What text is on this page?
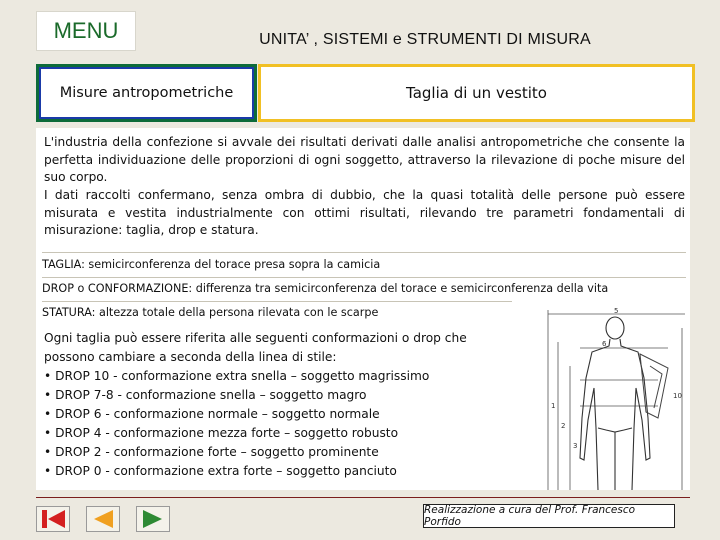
MENU	UNITA’ , SISTEMI e STRUMENTI DI MISURA
Misure antropometriche	Taglia di un vestito

L'industria della confezione si avvale dei risultati derivati dalle analisi antropometriche che consente la perfetta individuazione delle proporzioni di ogni soggetto, attraverso la rilevazione di poche misure del suo corpo.

I dati raccolti confermano, senza ombra di dubbio, che la quasi totalità delle persone può essere misurata e vestita industrialmente con ottimi risultati, rilevando tre parametri fondamentali di misurazione: taglia, drop e statura.

TAGLIA: semicirconferenza del torace presa sopra la camicia
DROP o CONFORMAZIONE: differenza tra semicirconferenza del torace e semicirconferenza della vita
STATURA: altezza totale della persona rilevata con le scarpe
Ogni taglia può essere riferita alle seguenti conformazioni o drop che possono cambiare a seconda della linea di stile:
• DROP 10 - conformazione extra snella – soggetto magrissimo
• DROP 7-8 - conformazione snella – soggetto magro
• DROP 6 - conformazione normale – soggetto normale
• DROP 4 - conformazione mezza forte – soggetto robusto
• DROP 2 - conformazione forte – soggetto prominente
• DROP 0 - conformazione extra forte – soggetto panciuto
5
1
2
3
10
6
Realizzazione a cura del Prof. Francesco Porfido
